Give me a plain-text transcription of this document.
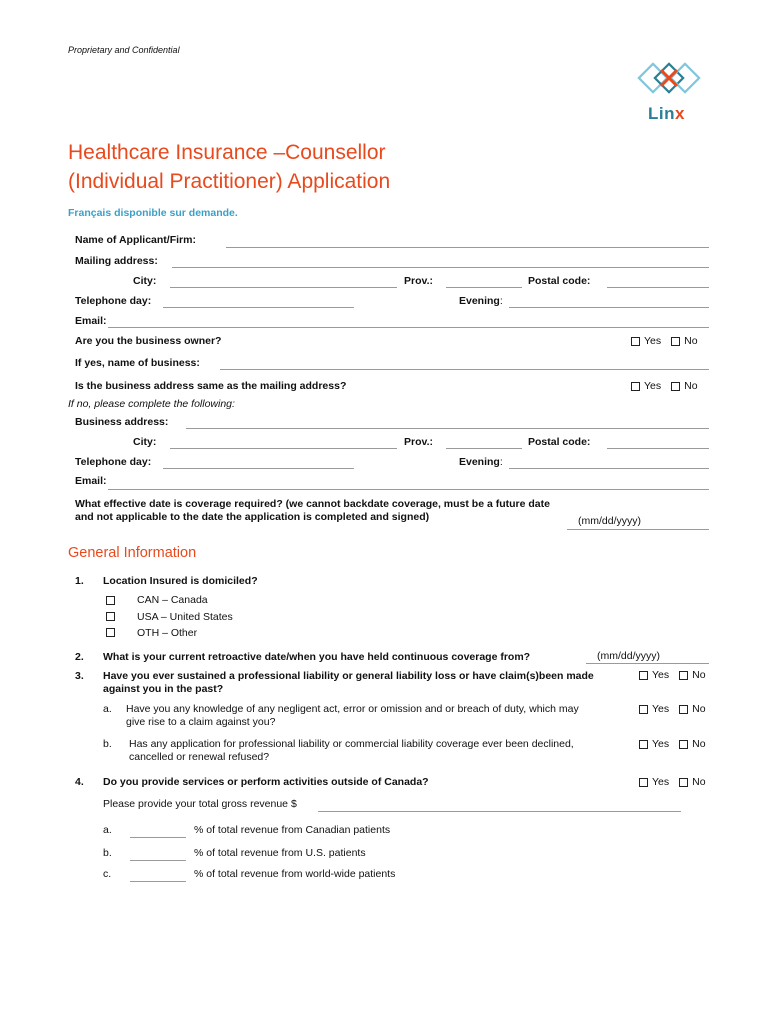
Proprietary and Confidential
Linx
Healthcare Insurance –Counsellor
(Individual Practitioner) Application
Français disponible sur demande.
Name of Applicant/Firm:
Mailing address:
City:	Prov.:	Postal code:
Telephone day:	Evening:
Email:
Are you the business owner?	Yes No
If yes, name of business:
Is the business address same as the mailing address?	Yes No
If no, please complete the following:
Business address:
City:	Prov.:	Postal code:
Telephone day:	Evening:
Email:
What effective date is coverage required? (we cannot backdate coverage, must be a future date
and not applicable to the date the application is completed and signed)	(mm/dd/yyyy)
General Information
1. Location Insured is domiciled?
CAN – Canada
USA – United States
OTH – Other
2. What is your current retroactive date/when you have held continuous coverage from?	(mm/dd/yyyy)
3. Have you ever sustained a professional liability or general liability loss or have claim(s)been made
against you in the past?
Yes No
a. Have you any knowledge of any negligent act, error or omission and or breach of duty, which may
give rise to a claim against you?
Yes No
b. Has any application for professional liability or commercial liability coverage ever been declined,
cancelled or renewal refused?
Yes No
4. Do you provide services or perform activities outside of Canada?	Yes No
Please provide your total gross revenue $
a.	% of total revenue from Canadian patients
b.	% of total revenue from U.S. patients
c.	% of total revenue from world-wide patients
